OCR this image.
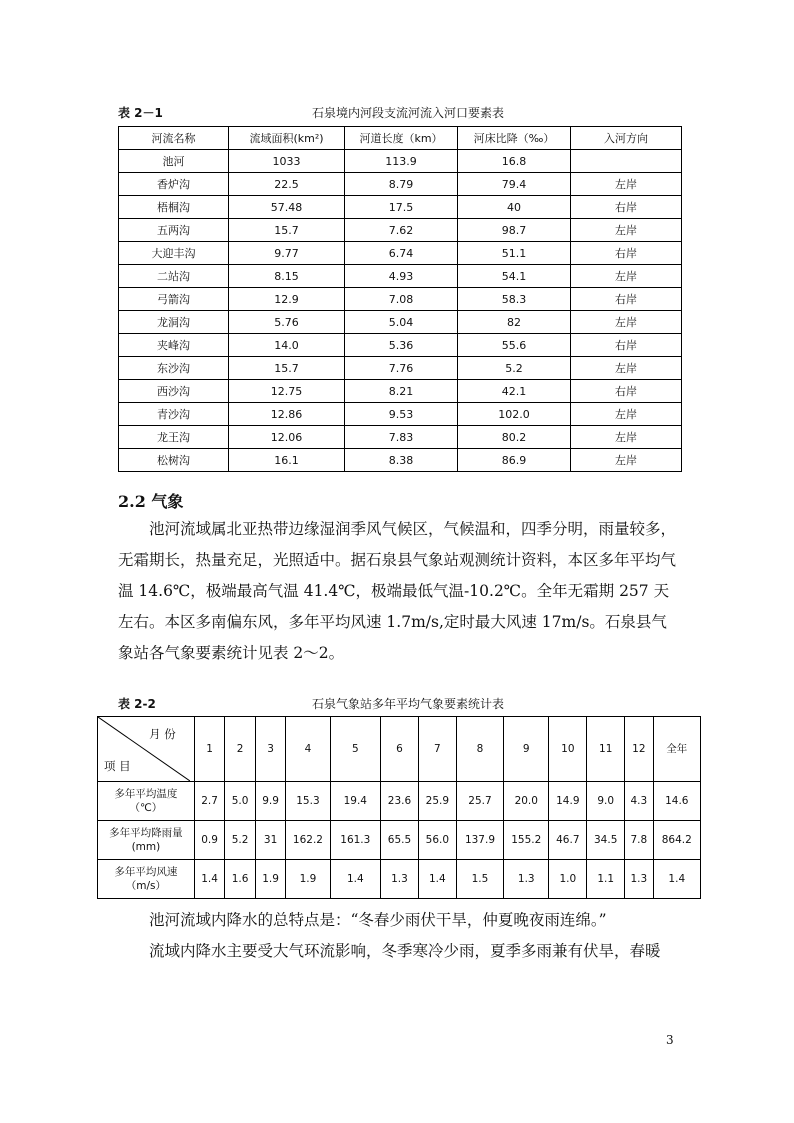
表 2－1	石泉境内河段支流河流入河口要素表
河流名称	流域面积(km²)	河道长度（km）	河床比降（‰）	入河方向
池河	1033	113.9	16.8	
香炉沟	22.5	8.79	79.4	左岸
梧桐沟	57.48	17.5	40	右岸
五两沟	15.7	7.62	98.7	左岸
大迎丰沟	9.77	6.74	51.1	右岸
二站沟	8.15	4.93	54.1	左岸
弓箭沟	12.9	7.08	58.3	右岸
龙洞沟	5.76	5.04	82	左岸
夹峰沟	14.0	5.36	55.6	右岸
东沙沟	15.7	7.76	5.2	左岸
西沙沟	12.75	8.21	42.1	右岸
青沙沟	12.86	9.53	102.0	左岸
龙王沟	12.06	7.83	80.2	左岸
松树沟	16.1	8.38	86.9	左岸
2.2 气象

池河流域属北亚热带边缘湿润季风气候区，气候温和，四季分明，雨量较多，无霜期长，热量充足，光照适中。据石泉县气象站观测统计资料，本区多年平均气温 14.6℃，极端最高气温 41.4℃，极端最低气温-10.2℃。全年无霜期 257 天左右。本区多南偏东风，多年平均风速 1.7m/s,定时最大风速 17m/s。石泉县气象站各气象要素统计见表 2～2。

表 2-2	石泉气象站多年平均气象要素统计表
月 份
项 目	1	2	3	4	5	6	7	8	9	10	11	12	全年
多年平均温度（℃）	2.7	5.0	9.9	15.3	19.4	23.6	25.9	25.7	20.0	14.9	9.0	4.3	14.6
多年平均降雨量(mm)	0.9	5.2	31	162.2	161.3	65.5	56.0	137.9	155.2	46.7	34.5	7.8	864.2
多年平均风速（m/s）	1.4	1.6	1.9	1.9	1.4	1.3	1.4	1.5	1.3	1.0	1.1	1.3	1.4

池河流域内降水的总特点是：“冬春少雨伏干旱，仲夏晚夜雨连绵。”

流域内降水主要受大气环流影响，冬季寒冷少雨，夏季多雨兼有伏旱，春暖

3
